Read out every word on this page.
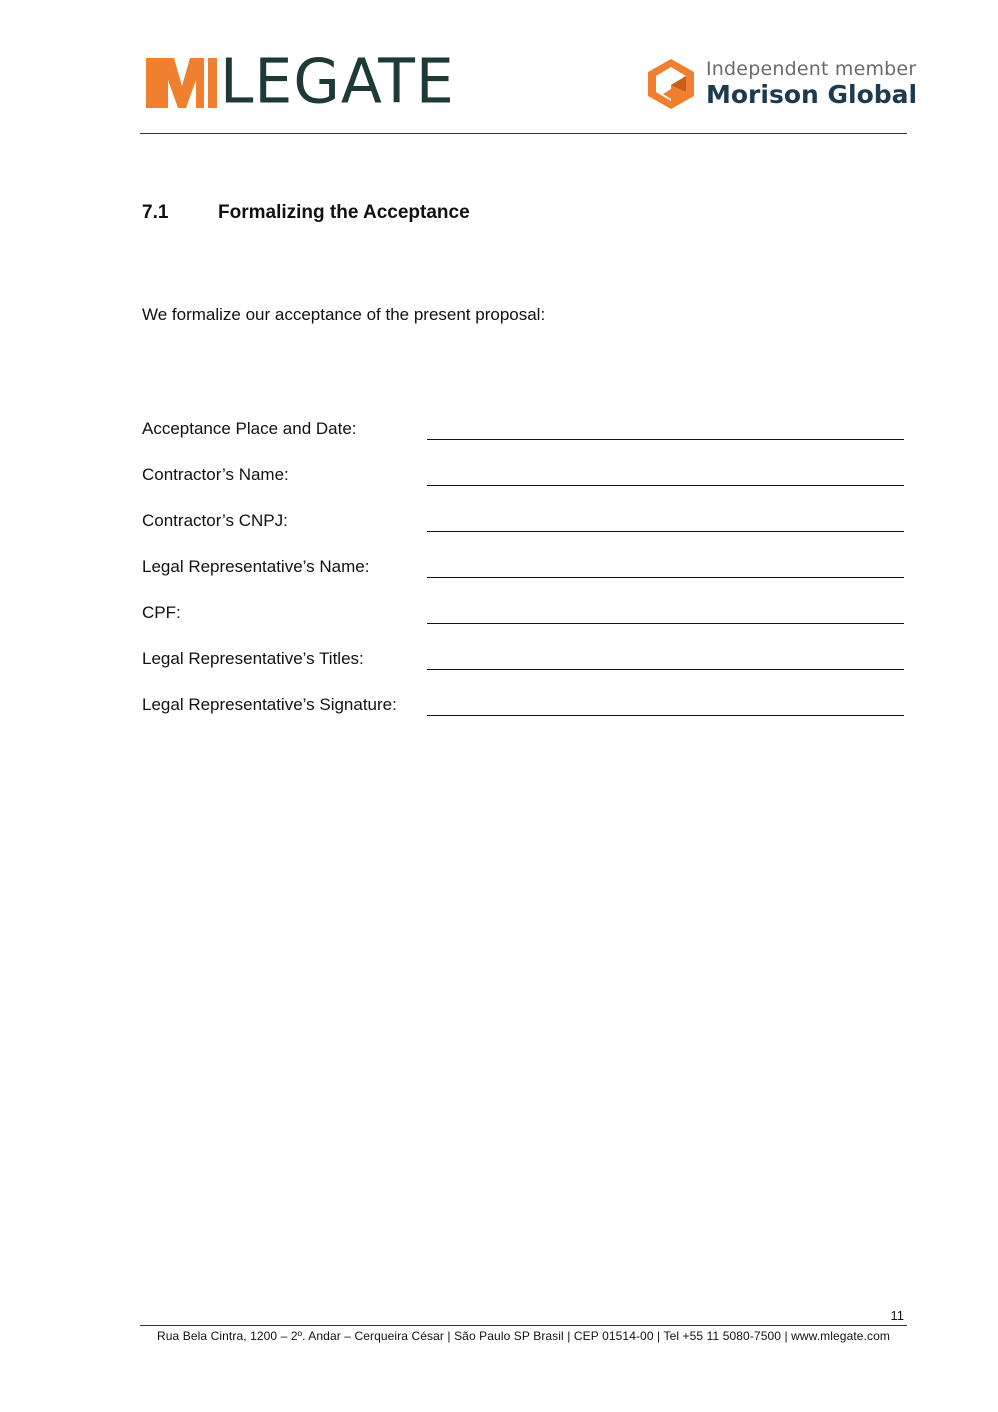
LEGATE	Independent member
Morison Global
7.1	Formalizing the Acceptance
We formalize our acceptance of the present proposal:
Acceptance Place and Date:
Contractor’s Name:
Contractor’s CNPJ:
Legal Representative’s Name:
CPF:
Legal Representative’s Titles:
Legal Representative’s Signature:
11
Rua Bela Cintra, 1200 – 2º. Andar – Cerqueira César | São Paulo SP Brasil | CEP 01514-00 | Tel +55 11 5080-7500 | www.mlegate.com
